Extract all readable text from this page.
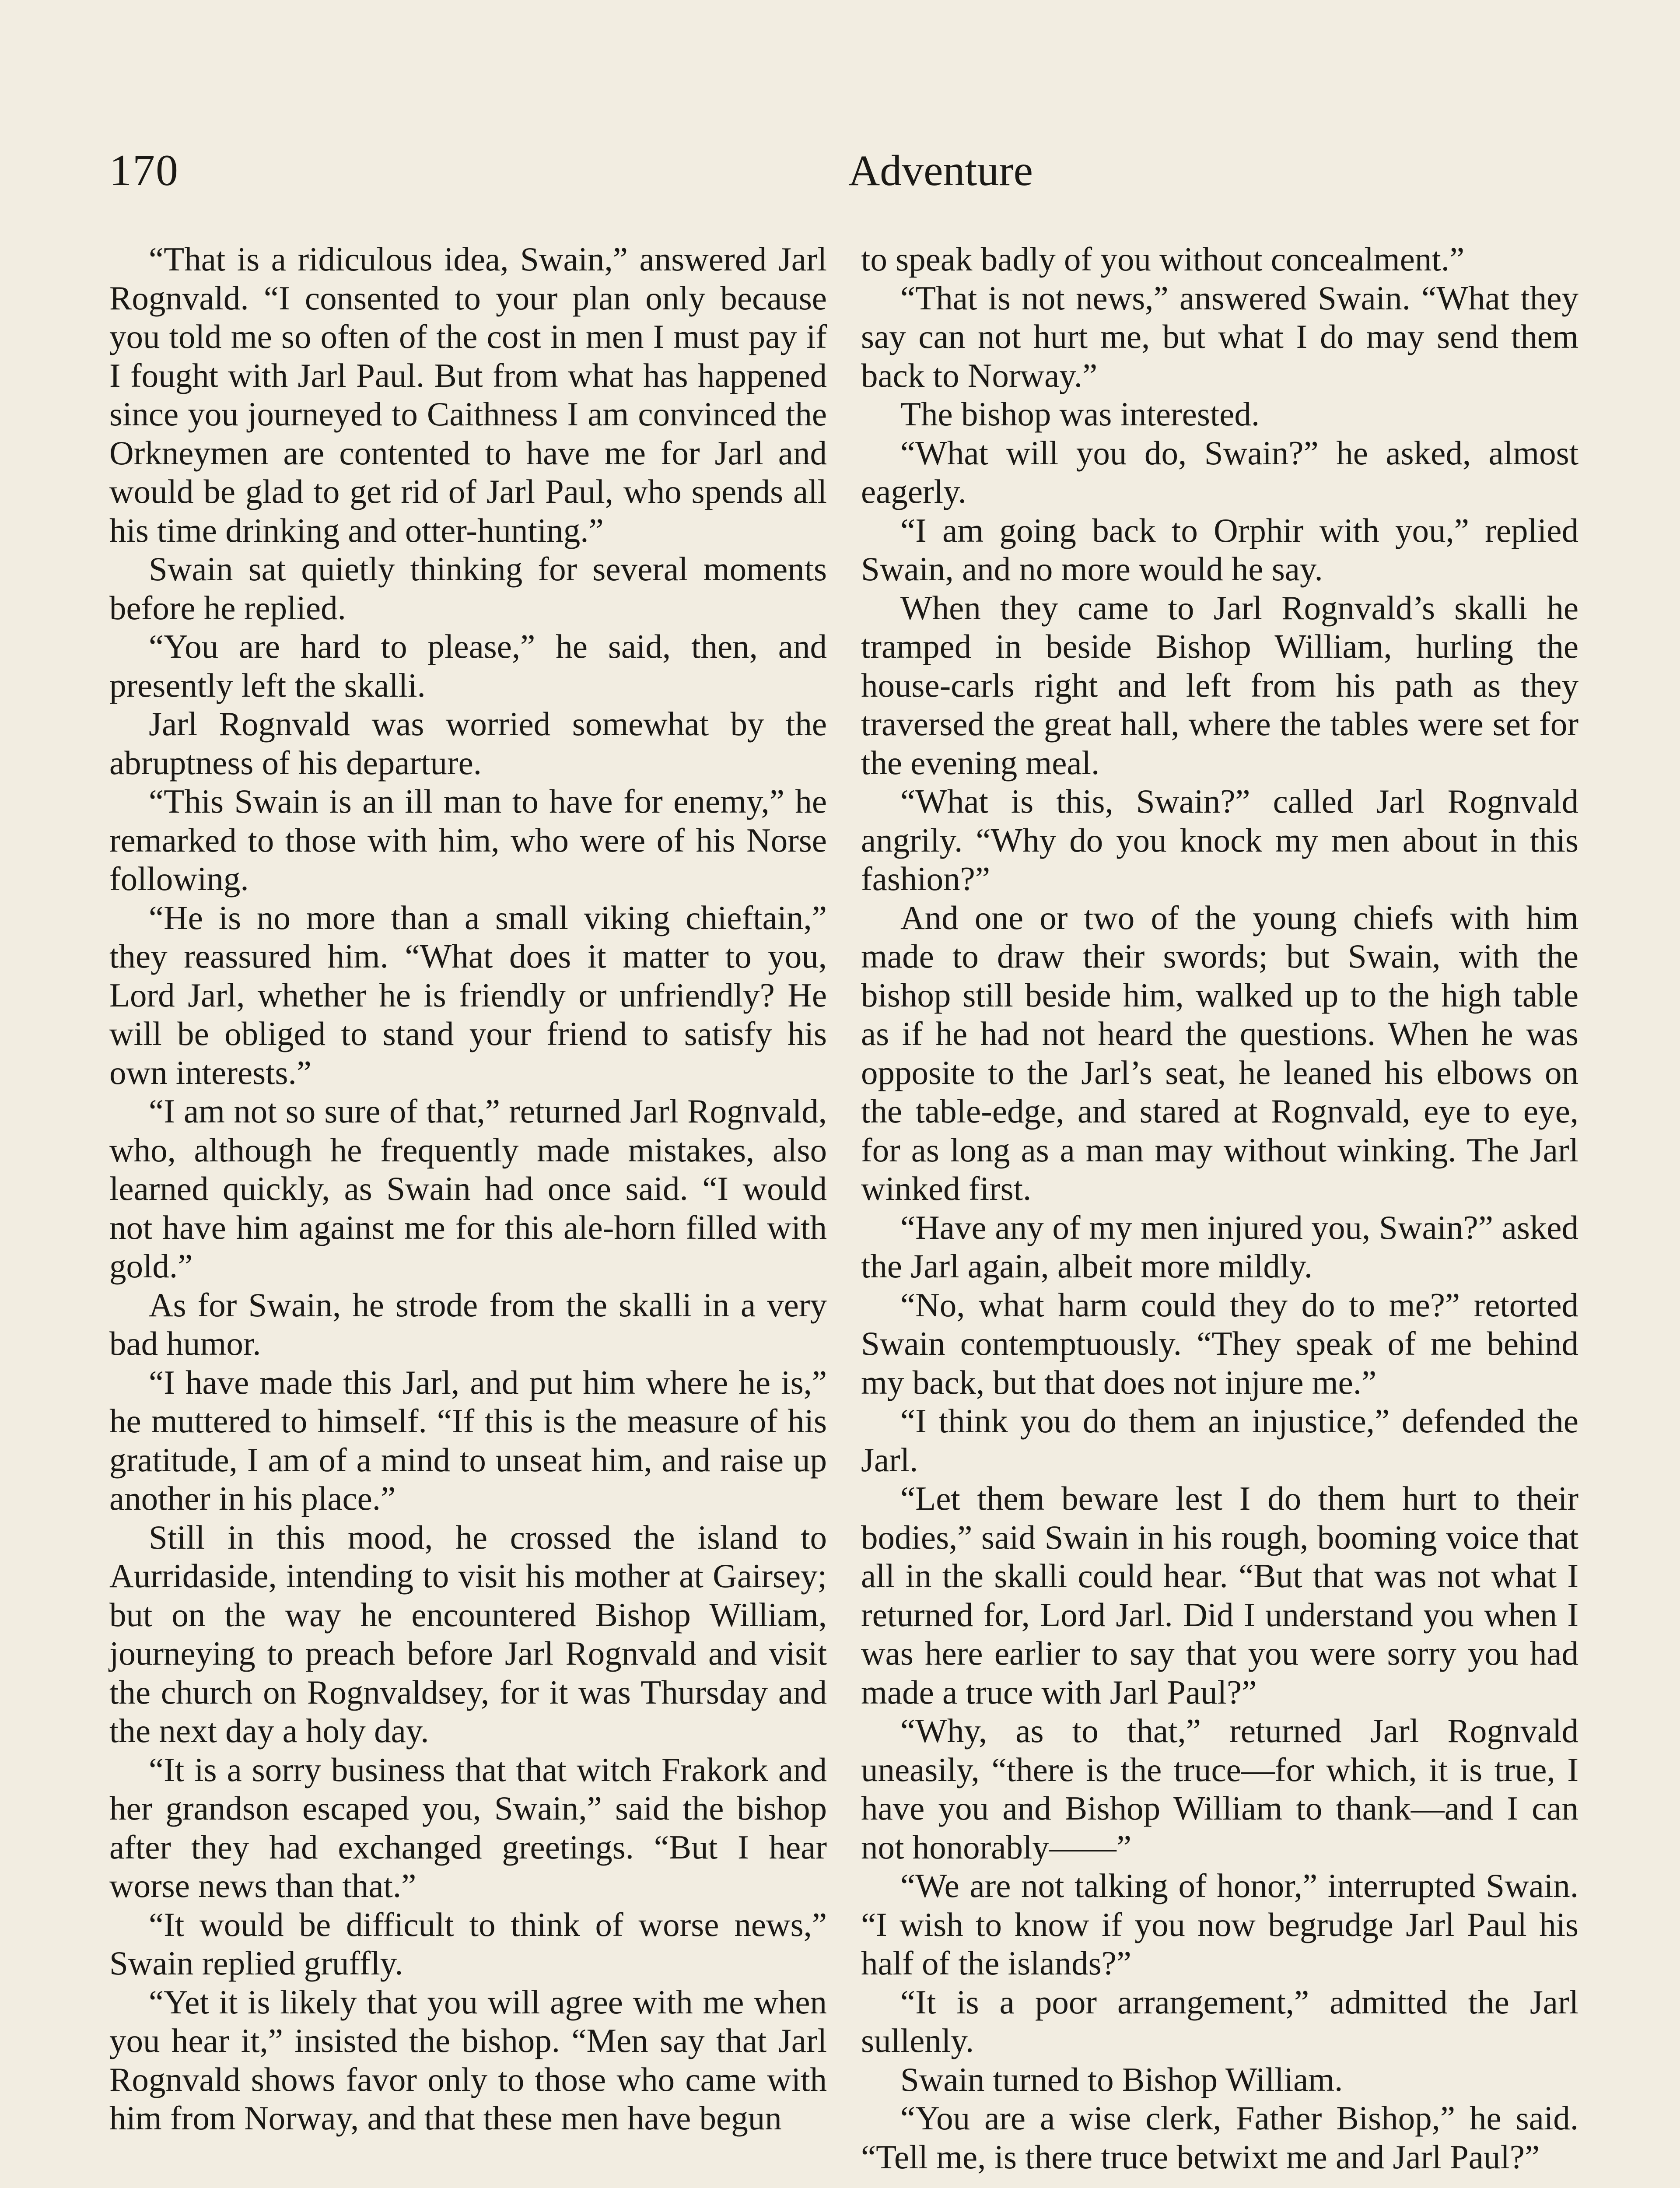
170	Adventure

“That is a ridiculous idea, Swain,” answered Jarl Rognvald. “I consented to your plan only because you told me so often of the cost in men I must pay if I fought with Jarl Paul. But from what has happened since you journeyed to Caithness I am convinced the Orkneymen are contented to have me for Jarl and would be glad to get rid of Jarl Paul, who spends all his time drinking and otter-hunting.”

Swain sat quietly thinking for several moments before he replied.

“You are hard to please,” he said, then, and presently left the skalli.

Jarl Rognvald was worried somewhat by the abruptness of his departure.

“This Swain is an ill man to have for enemy,” he remarked to those with him, who were of his Norse following.

“He is no more than a small viking chieftain,” they reassured him. “What does it matter to you, Lord Jarl, whether he is friendly or unfriendly? He will be obliged to stand your friend to satisfy his own interests.”

“I am not so sure of that,” returned Jarl Rognvald, who, although he frequently made mistakes, also learned quickly, as Swain had once said. “I would not have him against me for this ale-horn filled with gold.”

As for Swain, he strode from the skalli in a very bad humor.

“I have made this Jarl, and put him where he is,” he muttered to himself. “If this is the measure of his gratitude, I am of a mind to unseat him, and raise up another in his place.”

Still in this mood, he crossed the island to Aurridaside, intending to visit his mother at Gairsey; but on the way he encountered Bishop William, journeying to preach before Jarl Rognvald and visit the church on Rognvaldsey, for it was Thursday and the next day a holy day.

“It is a sorry business that that witch Frakork and her grandson escaped you, Swain,” said the bishop after they had exchanged greetings. “But I hear worse news than that.”

“It would be difficult to think of worse news,” Swain replied gruffly.

“Yet it is likely that you will agree with me when you hear it,” insisted the bishop. “Men say that Jarl Rognvald shows favor only to those who came with him from Norway, and that these men have begun

to speak badly of you without concealment.”

“That is not news,” answered Swain. “What they say can not hurt me, but what I do may send them back to Norway.”

The bishop was interested.

“What will you do, Swain?” he asked, almost eagerly.

“I am going back to Orphir with you,” replied Swain, and no more would he say.

When they came to Jarl Rognvald’s skalli he tramped in beside Bishop William, hurling the house-carls right and left from his path as they traversed the great hall, where the tables were set for the evening meal.

“What is this, Swain?” called Jarl Rognvald angrily. “Why do you knock my men about in this fashion?”

And one or two of the young chiefs with him made to draw their swords; but Swain, with the bishop still beside him, walked up to the high table as if he had not heard the questions. When he was opposite to the Jarl’s seat, he leaned his elbows on the table-edge, and stared at Rognvald, eye to eye, for as long as a man may without winking. The Jarl winked first.

“Have any of my men injured you, Swain?” asked the Jarl again, albeit more mildly.

“No, what harm could they do to me?” retorted Swain contemptuously. “They speak of me behind my back, but that does not injure me.”

“I think you do them an injustice,” defended the Jarl.

“Let them beware lest I do them hurt to their bodies,” said Swain in his rough, booming voice that all in the skalli could hear. “But that was not what I returned for, Lord Jarl. Did I understand you when I was here earlier to say that you were sorry you had made a truce with Jarl Paul?”

“Why, as to that,” returned Jarl Rognvald uneasily, “there is the truce—for which, it is true, I have you and Bishop William to thank—and I can not honorably——”

“We are not talking of honor,” interrupted Swain. “I wish to know if you now begrudge Jarl Paul his half of the islands?”

“It is a poor arrangement,” admitted the Jarl sullenly.

Swain turned to Bishop William.

“You are a wise clerk, Father Bishop,” he said. “Tell me, is there truce betwixt me and Jarl Paul?”
